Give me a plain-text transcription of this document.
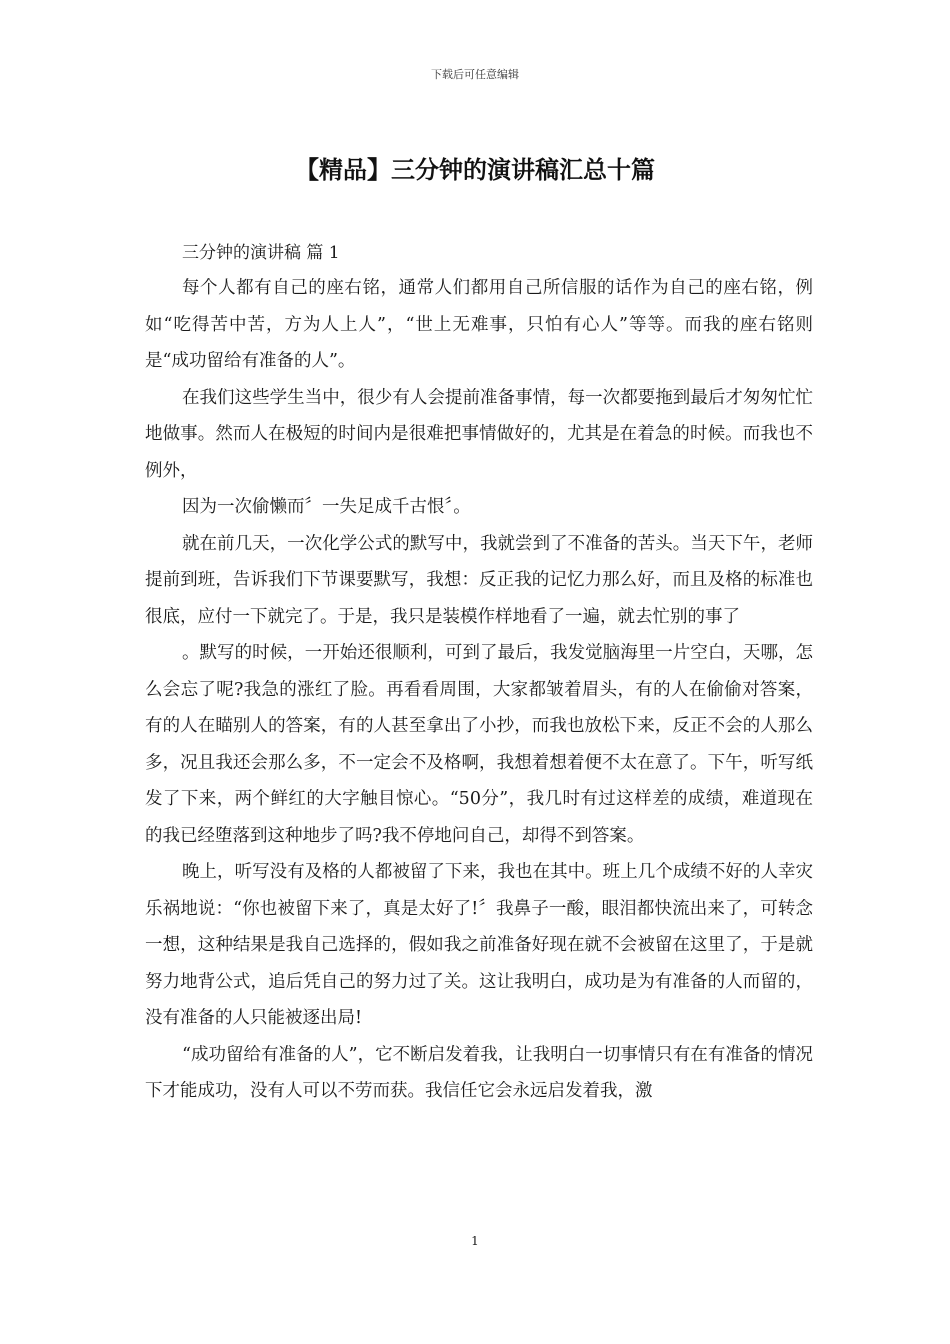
下载后可任意编辑
【精品】三分钟的演讲稿汇总十篇

三分钟的演讲稿 篇 1

每个人都有自己的座右铭，通常人们都用自己所信服的话作为自己的座右铭，例如“吃得苦中苦，方为人上人”，“世上无难事，只怕有心人”等等。而我的座右铭则是“成功留给有准备的人”。

在我们这些学生当中，很少有人会提前准备事情，每一次都要拖到最后才匆匆忙忙地做事。然而人在极短的时间内是很难把事情做好的，尤其是在着急的时候。而我也不例外，

因为一次偷懒而〞一失足成千古恨〞。

就在前几天，一次化学公式的默写中，我就尝到了不准备的苦头。当天下午，老师提前到班，告诉我们下节课要默写，我想：反正我的记忆力那么好，而且及格的标准也很底，应付一下就完了。于是，我只是装模作样地看了一遍，就去忙别的事了

。默写的时候，一开始还很顺利，可到了最后，我发觉脑海里一片空白，天哪，怎么会忘了呢?我急的涨红了脸。再看看周围，大家都皱着眉头，有的人在偷偷对答案，有的人在瞄别人的答案，有的人甚至拿出了小抄，而我也放松下来，反正不会的人那么多，况且我还会那么多，不一定会不及格啊，我想着想着便不太在意了。下午，听写纸发了下来，两个鲜红的大字触目惊心。“50分”，我几时有过这样差的成绩，难道现在的我已经堕落到这种地步了吗?我不停地问自己，却得不到答案。

晚上，听写没有及格的人都被留了下来，我也在其中。班上几个成绩不好的人幸灾乐祸地说：“你也被留下来了，真是太好了!〞我鼻子一酸，眼泪都快流出来了，可转念一想，这种结果是我自己选择的，假如我之前准备好现在就不会被留在这里了，于是就努力地背公式，追后凭自己的努力过了关。这让我明白，成功是为有准备的人而留的，没有准备的人只能被逐出局!

“成功留给有准备的人”，它不断启发着我，让我明白一切事情只有在有准备的情况下才能成功，没有人可以不劳而获。我信任它会永远启发着我，激

1
